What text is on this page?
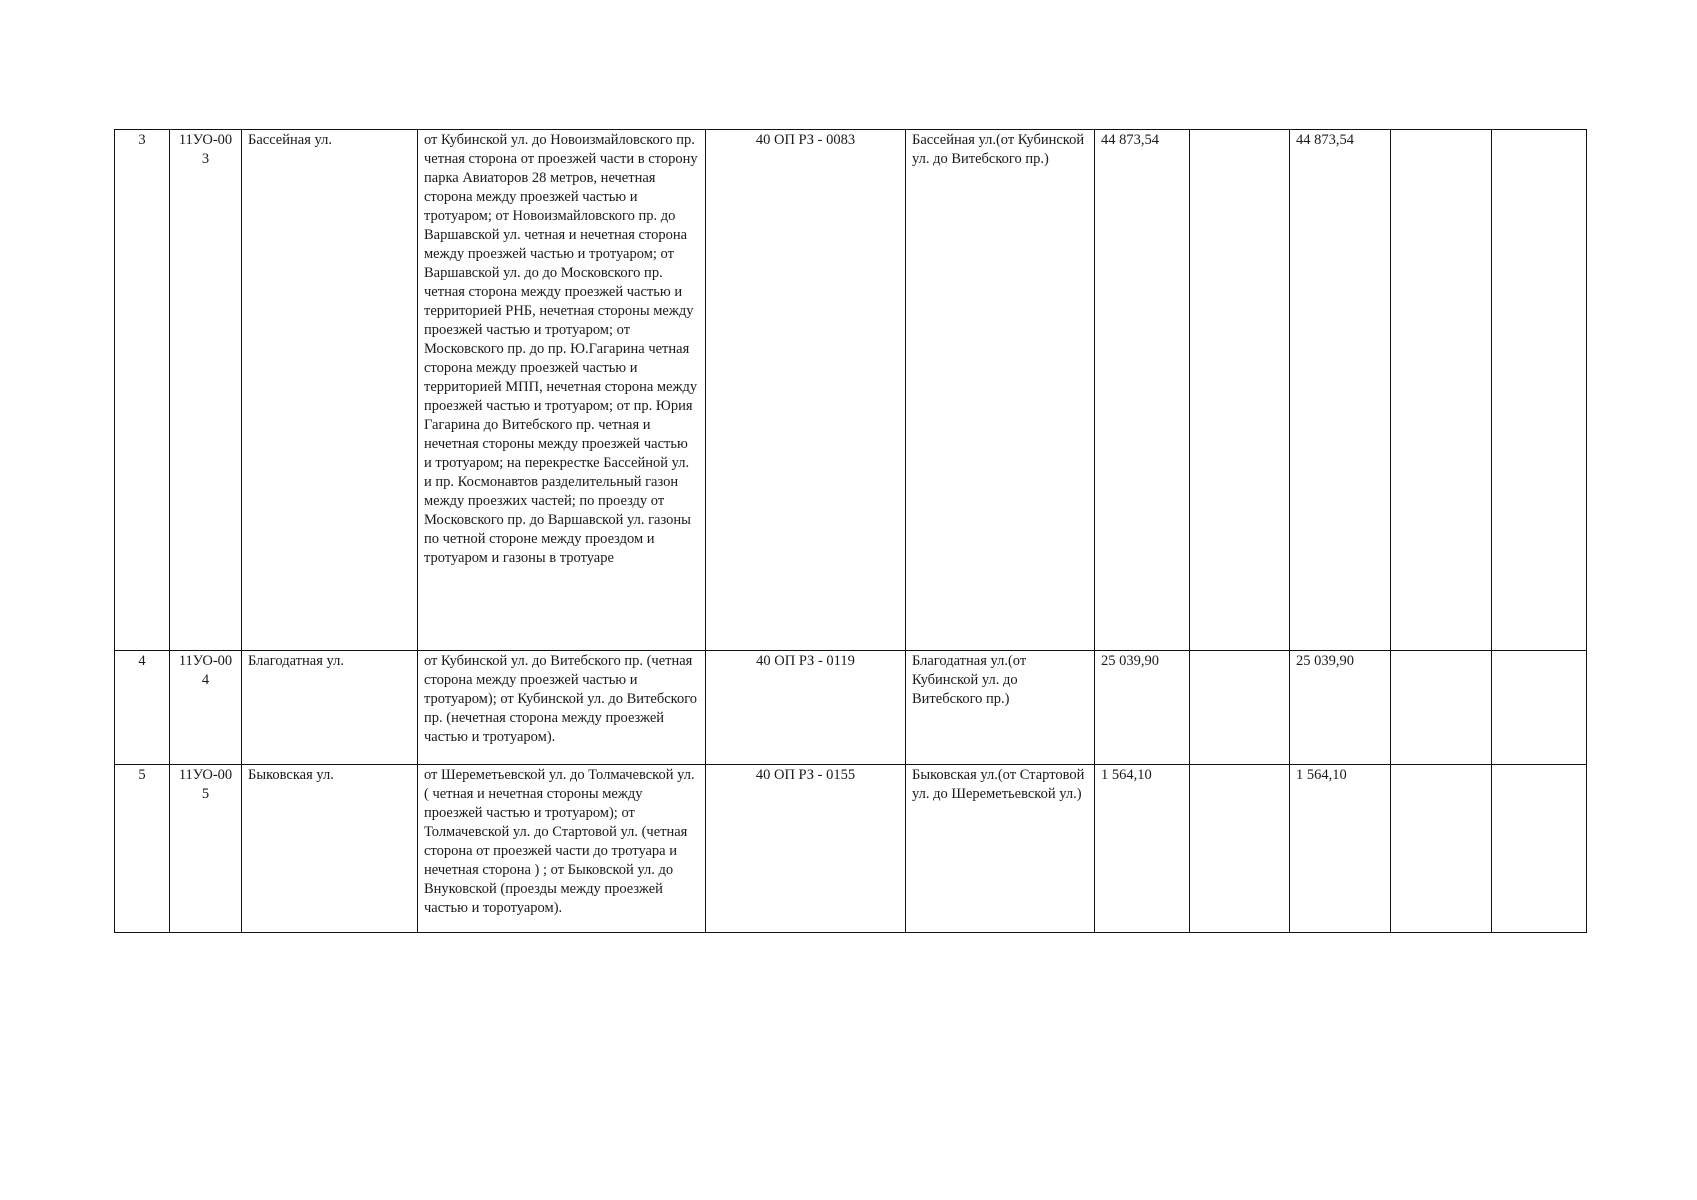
3	11УО-003	Бассейная ул.	от Кубинской ул. до Новоизмайловского пр. четная сторона от проезжей части в сторону парка Авиаторов 28 метров, нечетная сторона между проезжей частью и тротуаром; от Новоизмайловского пр. до Варшавской ул. четная и нечетная сторона между проезжей частью и тротуаром; от Варшавской ул. до до Московского пр. четная сторона между проезжей частью и территорией РНБ, нечетная стороны между проезжей частью и тротуаром; от Московского пр. до пр. Ю.Гагарина четная сторона между проезжей частью и территорией МПП, нечетная сторона между проезжей частью и тротуаром; от пр. Юрия Гагарина до Витебского пр. четная и нечетная стороны между проезжей частью и тротуаром; на перекрестке Бассейной ул. и пр. Космонавтов разделительный газон между проезжих частей; по проезду от Московского пр. до Варшавской ул. газоны по четной стороне между проездом и тротуаром и газоны в тротуаре	40 ОП РЗ - 0083	Бассейная ул.(от Кубинской ул. до Витебского пр.)	44 873,54		44 873,54		
4	11УО-004	Благодатная ул.	от Кубинской ул. до Витебского пр. (четная сторона между проезжей частью и тротуаром); от Кубинской ул. до Витебского пр. (нечетная сторона между проезжей частью и тротуаром).	40 ОП РЗ - 0119	Благодатная ул.(от Кубинской ул. до Витебского пр.)	25 039,90		25 039,90		
5	11УО-005	Быковская ул.	от Шереметьевской ул. до Толмачевской ул. ( четная и нечетная стороны между проезжей частью и тротуаром); от Толмачевской ул. до Стартовой ул. (четная сторона от проезжей части до тротуара и нечетная сторона ) ; от Быковской ул. до Внуковской (проезды между проезжей частью и торотуаром).	40 ОП РЗ - 0155	Быковская ул.(от Стартовой ул. до Шереметьевской ул.)	1 564,10		1 564,10		
